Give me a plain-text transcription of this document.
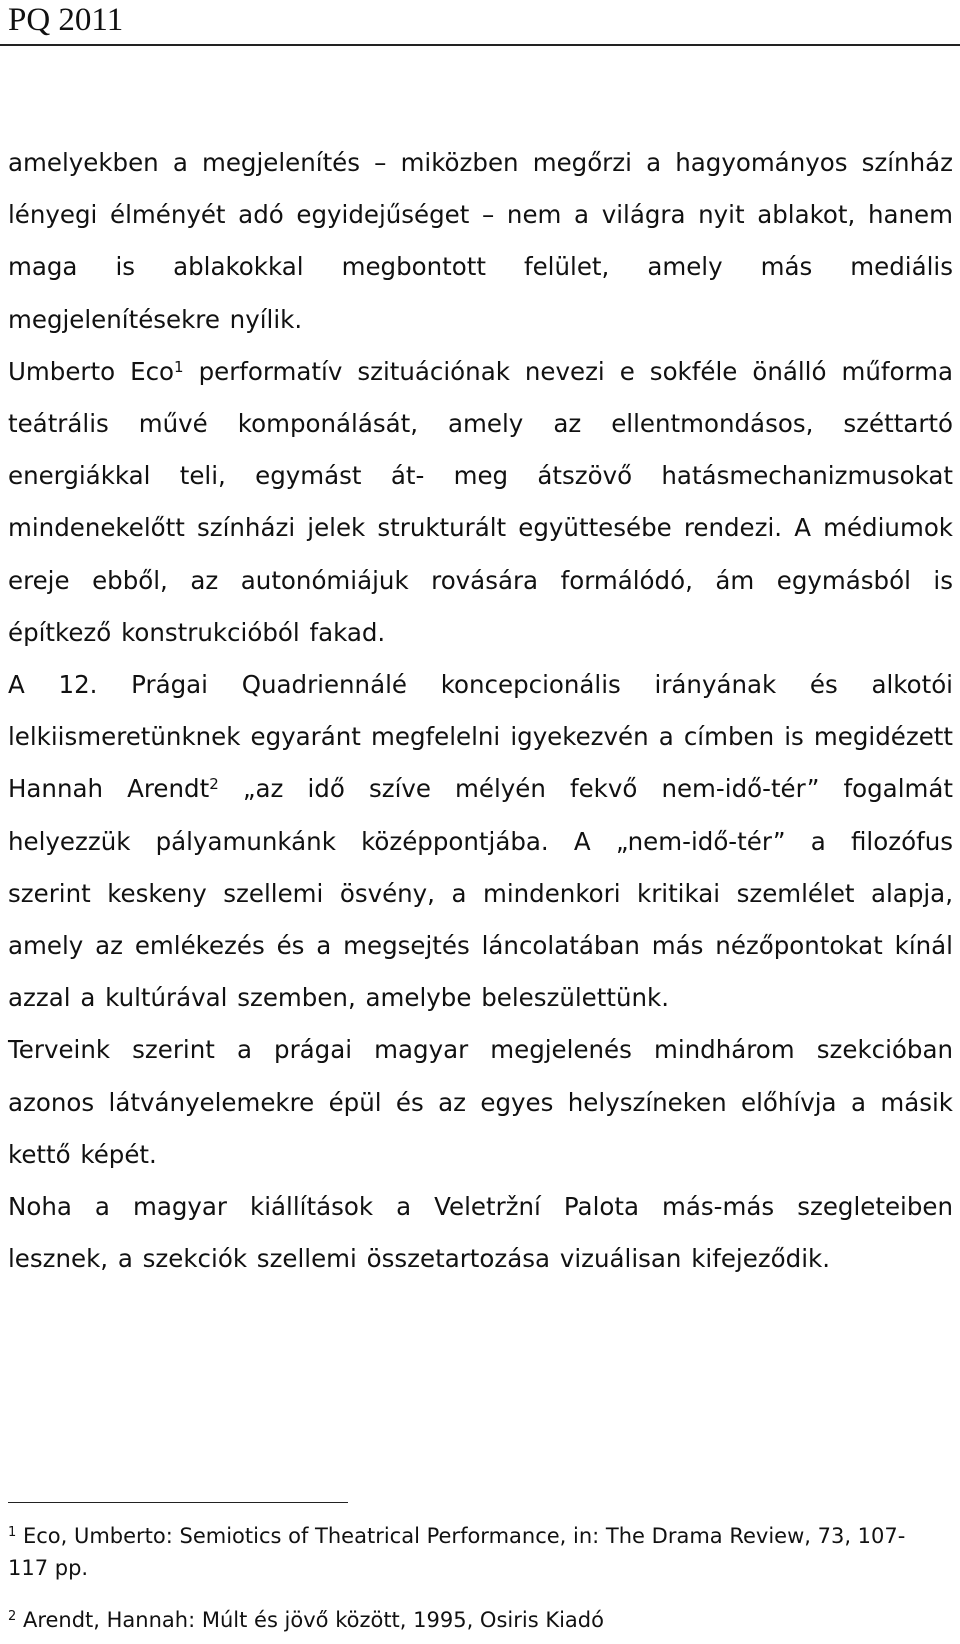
PQ 2011

amelyekben a megjelenítés – miközben megőrzi a hagyományos színház lényegi élményét adó egyidejűséget – nem a világra nyit ablakot, hanem maga is ablakokkal megbontott felület, amely más mediális megjelenítésekre nyílik.

Umberto Eco$^1$ performatív szituációnak nevezi e sokféle önálló műforma teátrális művé komponálását, amely az ellentmondásos, széttartó energiákkal teli, egymást át- meg átszövő hatásmechanizmusokat mindenekelőtt színházi jelek strukturált együttesébe rendezi. A médiumok ereje ebből, az autonómiájuk rovására formálódó, ám egymásból is építkező konstrukcióból fakad.

A 12. Prágai Quadriennálé koncepcionális irányának és alkotói lelkiismeretünknek egyaránt megfelelni igyekezvén a címben is megidézett Hannah Arendt$^2$ „az idő szíve mélyén fekvő nem-idő-tér” fogalmát helyezzük pályamunkánk középpontjába. A „nem-idő-tér” a filozófus szerint keskeny szellemi ösvény, a mindenkori kritikai szemlélet alapja, amely az emlékezés és a megsejtés láncolatában más nézőpontokat kínál azzal a kultúrával szemben, amelybe beleszülettünk.

Terveink szerint a prágai magyar megjelenés mindhárom szekcióban azonos látványelemekre épül és az egyes helyszíneken előhívja a másik kettő képét.

Noha a magyar kiállítások a Veletržní Palota más-más szegleteiben lesznek, a szekciók szellemi összetartozása vizuálisan kifejeződik.

$^1$ Eco, Umberto: Semiotics of Theatrical Performance, in: The Drama Review, 73, 107-117 pp.

$^2$ Arendt, Hannah: Múlt és jövő között, 1995, Osiris Kiadó
